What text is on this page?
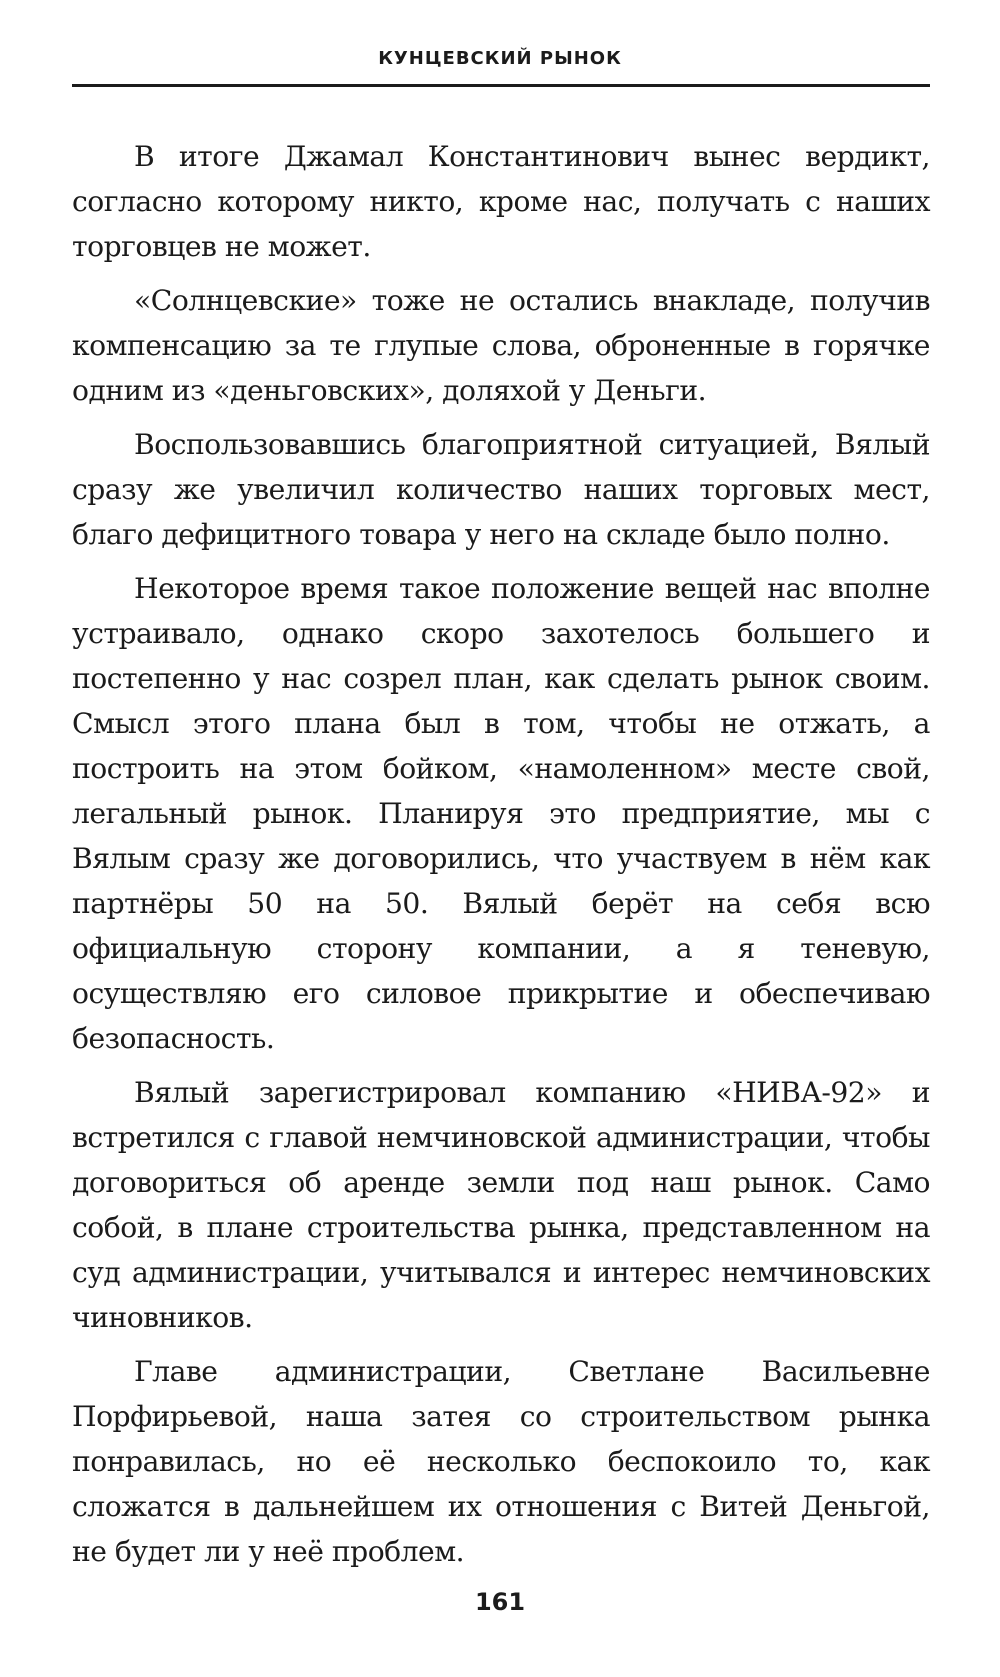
КУНЦЕВСКИЙ РЫНОК

В итоге Джамал Константинович вынес вердикт, согласно которому никто, кроме нас, получать с наших торговцев не может.

«Солнцевские» тоже не остались внакладе, получив компенсацию за те глупые слова, оброненные в горячке одним из «деньговских», доляхой у Деньги.

Воспользовавшись благоприятной ситуацией, Вялый сразу же увеличил количество наших торговых мест, благо дефицитного товара у него на складе было полно.

Некоторое время такое положение вещей нас вполне устраивало, однако скоро захотелось большего и постепенно у нас созрел план, как сделать рынок своим. Смысл этого плана был в том, чтобы не отжать, а построить на этом бойком, «намоленном» месте свой, легальный рынок. Планируя это предприятие, мы с Вялым сразу же договорились, что участвуем в нём как партнёры 50 на 50. Вялый берёт на себя всю официальную сторону компании, а я теневую, осуществляю его силовое прикрытие и обеспечиваю безопасность.

Вялый зарегистрировал компанию «НИВА-92» и встретился с главой немчиновской администрации, чтобы договориться об аренде земли под наш рынок. Само собой, в плане строительства рынка, представленном на суд администрации, учитывался и интерес немчиновских чиновников.

Главе администрации, Светлане Васильевне Порфирьевой, наша затея со строительством рынка понравилась, но её несколько беспокоило то, как сложатся в дальнейшем их отношения с Витей Деньгой, не будет ли у неё проблем.

161
